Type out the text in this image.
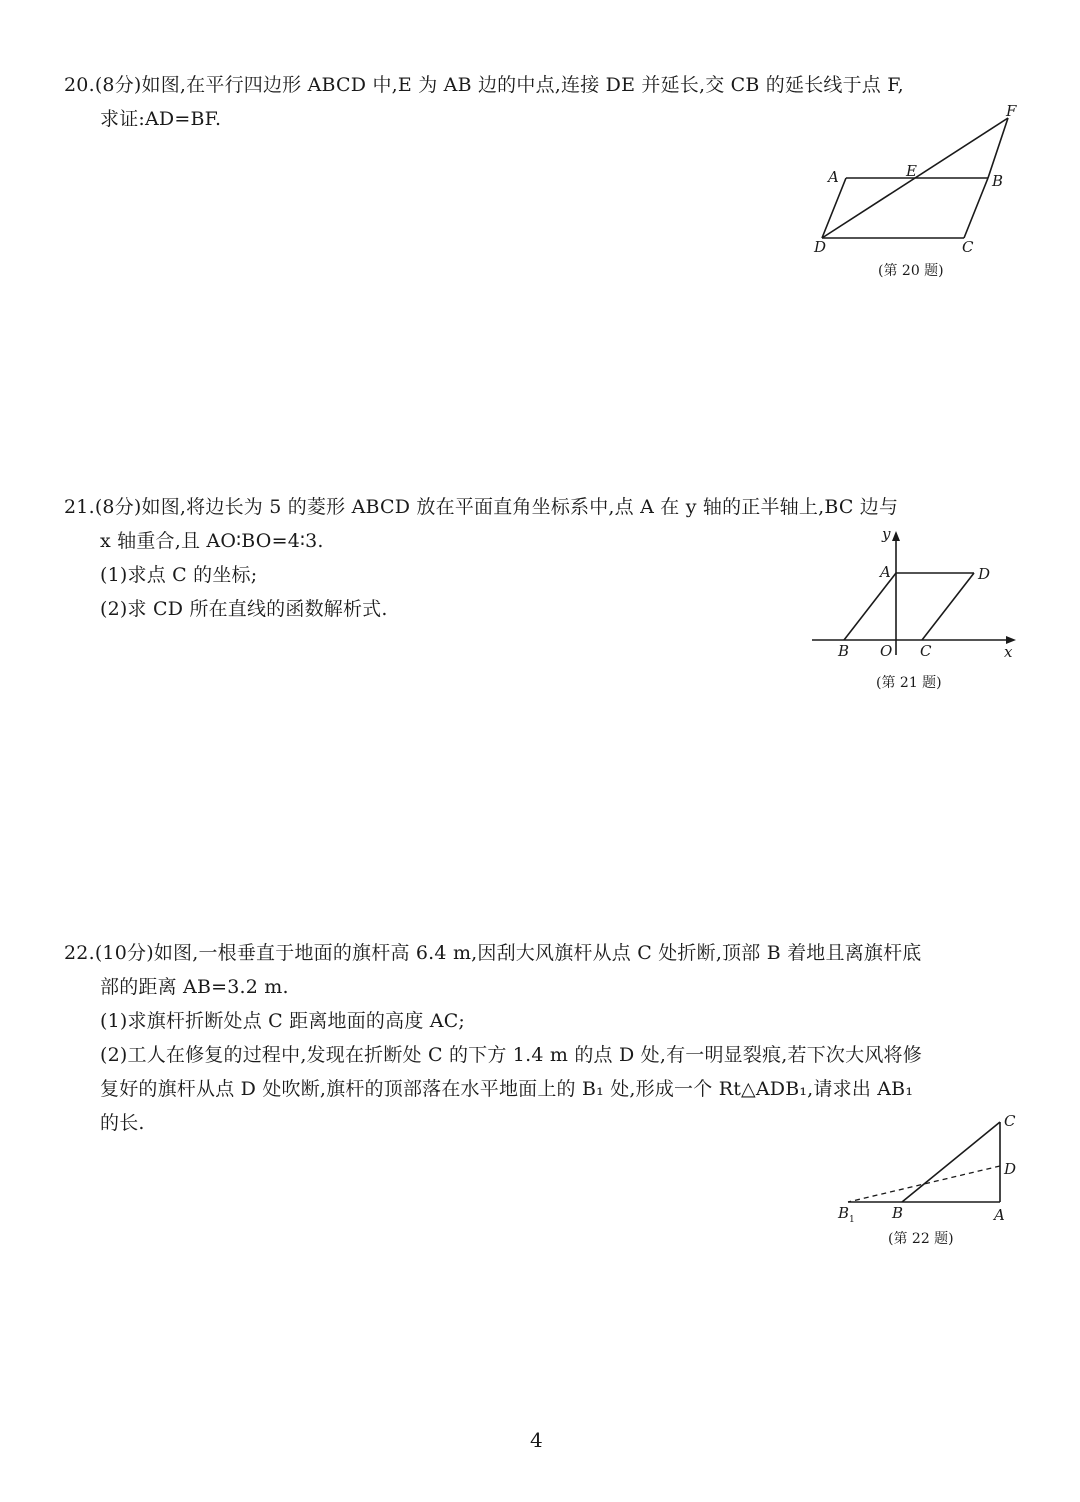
20.(8分)如图,在平行四边形 ABCD 中,E 为 AB 边的中点,连接 DE 并延长,交 CB 的延长线于点 F,
求证:AD=BF.
A	E
B
F
D	C
(第 20 题)
21.(8分)如图,将边长为 5 的菱形 ABCD 放在平面直角坐标系中,点 A 在 y 轴的正半轴上,BC 边与
x 轴重合,且 AO∶BO=4∶3.
(1)求点 C 的坐标;
(2)求 CD 所在直线的函数解析式.
y
x
A	D
B O C
(第 21 题)
22.(10分)如图,一根垂直于地面的旗杆高 6.4 m,因刮大风旗杆从点 C 处折断,顶部 B 着地且离旗杆底
部的距离 AB=3.2 m.
(1)求旗杆折断处点 C 距离地面的高度 AC;
(2)工人在修复的过程中,发现在折断处 C 的下方 1.4 m 的点 D 处,有一明显裂痕,若下次大风将修
复好的旗杆从点 D 处吹断,旗杆的顶部落在水平地面上的 B₁ 处,形成一个 Rt△ADB₁,请求出 AB₁
的长.	C
D
A
B
B 1
(第 22 题)
4
